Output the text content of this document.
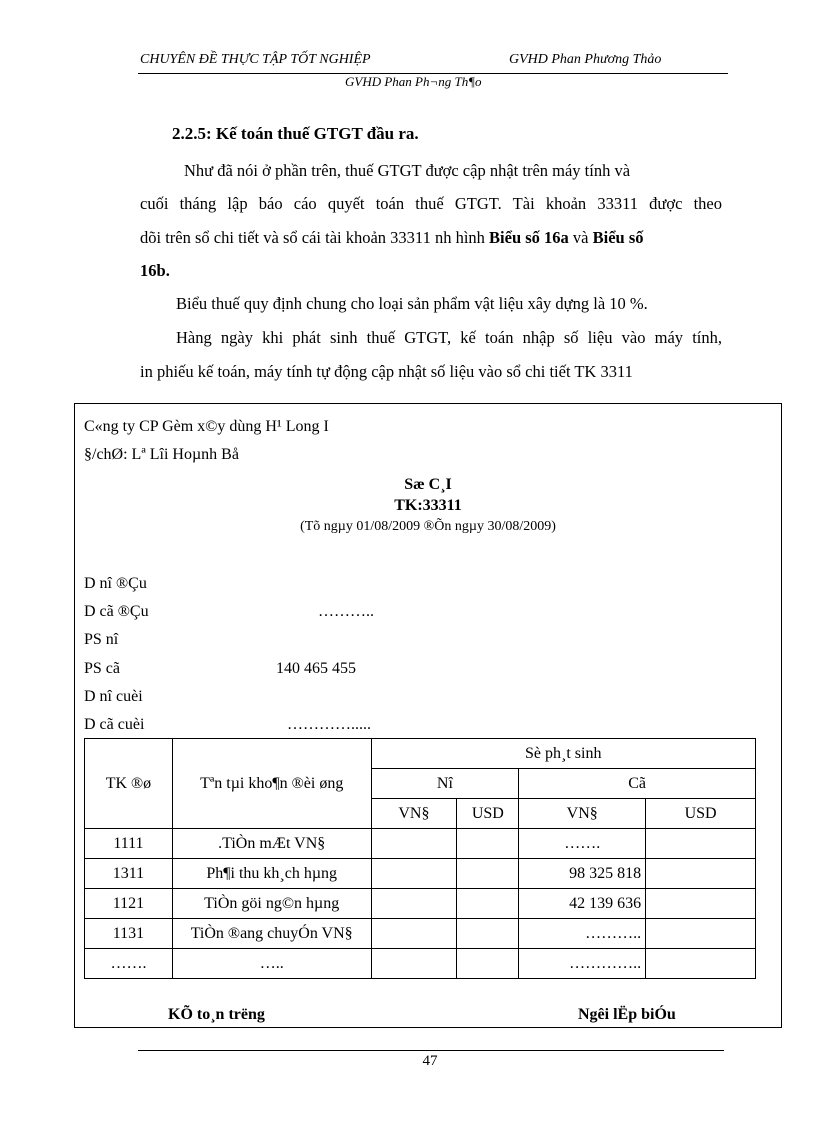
CHUYÊN ĐỀ THỰC TẬP TỐT NGHIỆP	GVHD Phan Phương Thảo
GVHD Phan Ph¬ng Th¶o
2.2.5: Kế toán thuế GTGT đầu ra.
Như đã nói ở phần trên, thuế GTGT được cập nhật trên máy tính và
cuối tháng lập báo cáo quyết toán thuế GTGT. Tài khoản 33311 được theo
dõi trên sổ chi tiết và sổ cái tài khoản 33311 nh hình Biểu số 16a và Biểu số
16b.
Biểu thuế quy định chung cho loại sản phẩm vật liệu xây dựng là 10 %.
Hàng ngày khi phát sinh thuế GTGT, kế toán nhập số liệu vào máy tính,
in phiếu kế toán, máy tính tự động cập nhật số liệu vào sổ chi tiết TK 3311
C«ng ty CP Gèm x©y dùng H¹ Long I
§/chØ: Lª Lîi Hoµnh Bå
Sæ C¸I
TK:33311
(Tõ ngµy 01/08/2009 ®Õn ngµy 30/08/2009)
D nî ®Çu
D cã ®Çu	………..
PS nî
PS cã	140 465 455
D nî cuèi
D cã cuèi	………….....
TK ®ø	Tªn tµi kho¶n ®èi øng	Sè ph¸t sinh			
		Nî		Cã	
		VN§	USD	VN§	USD
1111	.TiÒn mÆt VN§			…….	
1311	Ph¶i thu kh¸ch hµng			98 325 818	
1121	TiÒn göi ng©n hµng			42 139 636	
1131	TiÒn ®ang chuyÓn VN§			………..	
…….	…..			…………..	
KÕ to¸n trëng	Ngêi lËp biÓu
47
